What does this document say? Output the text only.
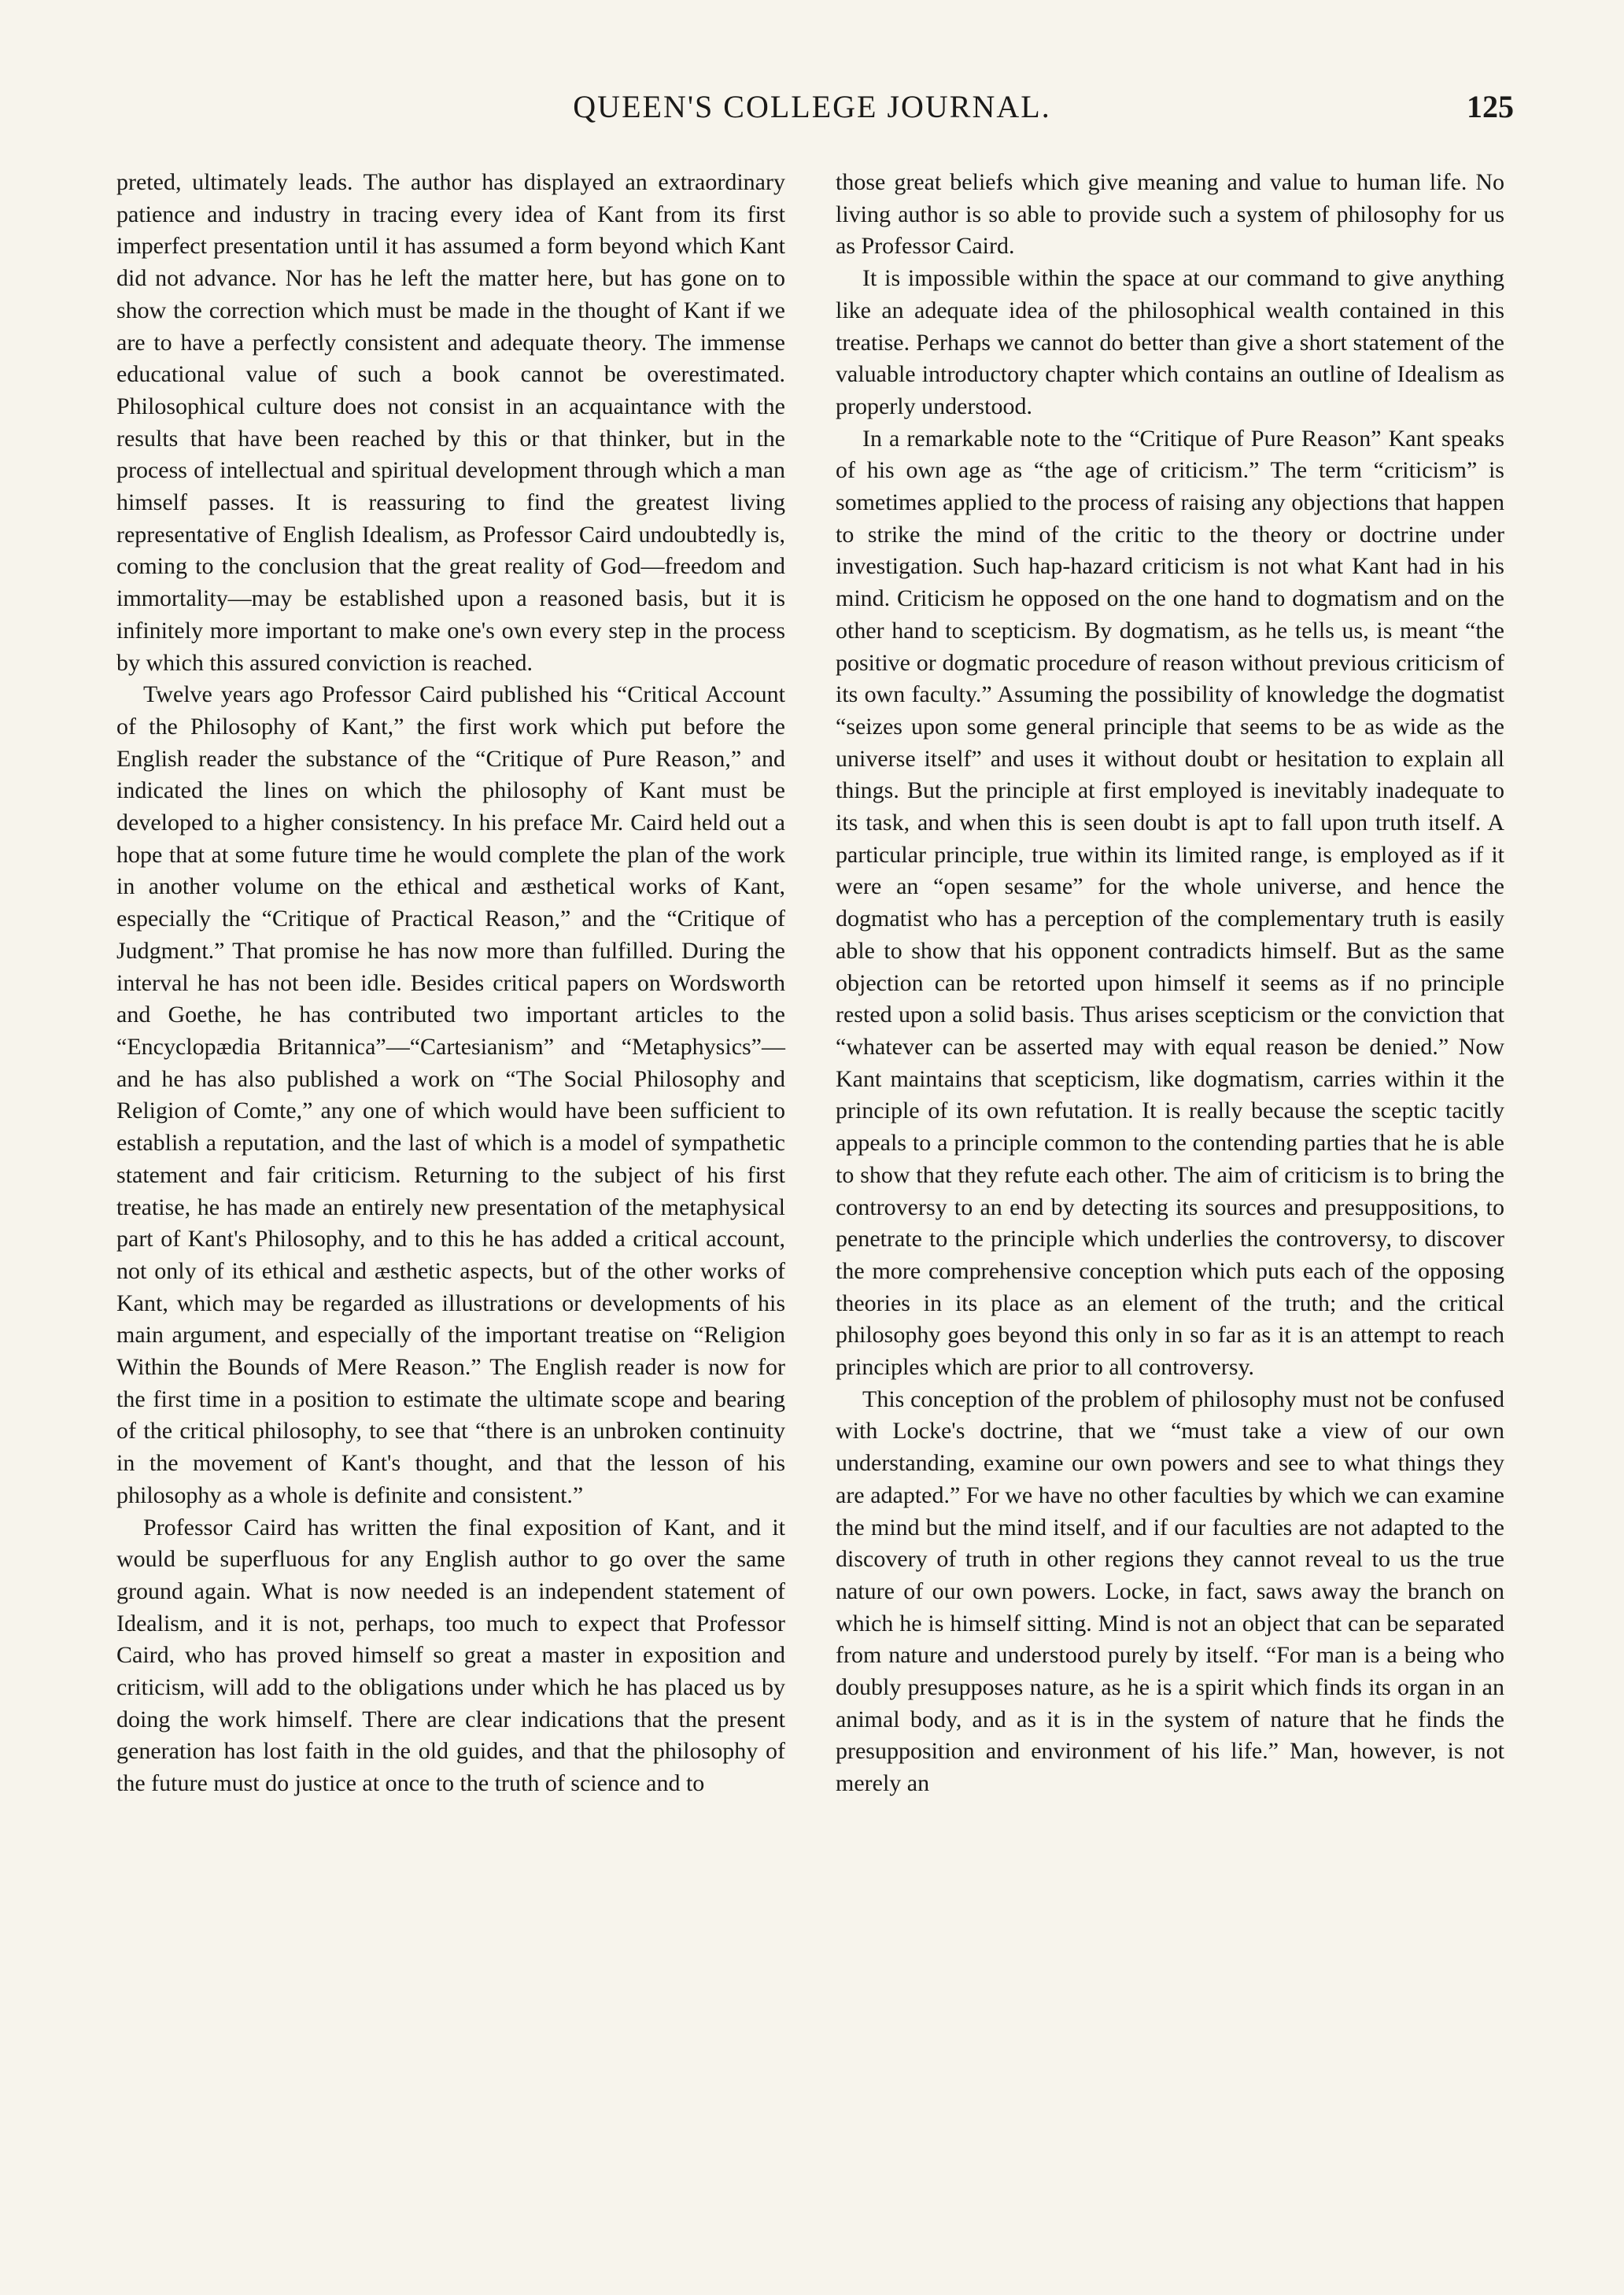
QUEEN'S COLLEGE JOURNAL.	125

preted, ultimately leads. The author has displayed an extraordinary patience and industry in tracing every idea of Kant from its first imperfect presentation until it has assumed a form beyond which Kant did not advance. Nor has he left the matter here, but has gone on to show the correction which must be made in the thought of Kant if we are to have a perfectly consistent and adequate theory. The immense educational value of such a book cannot be overestimated. Philosophical culture does not consist in an acquaintance with the results that have been reached by this or that thinker, but in the process of intellectual and spiritual development through which a man himself passes. It is reassuring to find the greatest living representative of English Idealism, as Professor Caird undoubtedly is, coming to the conclusion that the great reality of God—freedom and immortality—may be established upon a reasoned basis, but it is infinitely more important to make one's own every step in the process by which this assured conviction is reached.

Twelve years ago Professor Caird published his “Critical Account of the Philosophy of Kant,” the first work which put before the English reader the substance of the “Critique of Pure Reason,” and indicated the lines on which the philosophy of Kant must be developed to a higher consistency. In his preface Mr. Caird held out a hope that at some future time he would complete the plan of the work in another volume on the ethical and æsthetical works of Kant, especially the “Critique of Practical Reason,” and the “Critique of Judgment.” That promise he has now more than fulfilled. During the interval he has not been idle. Besides critical papers on Wordsworth and Goethe, he has contributed two important articles to the “Encyclopædia Britannica”—“Cartesianism” and “Metaphysics”—and he has also published a work on “The Social Philosophy and Religion of Comte,” any one of which would have been sufficient to establish a reputation, and the last of which is a model of sympathetic statement and fair criticism. Returning to the subject of his first treatise, he has made an entirely new presentation of the metaphysical part of Kant's Philosophy, and to this he has added a critical account, not only of its ethical and æsthetic aspects, but of the other works of Kant, which may be regarded as illustrations or developments of his main argument, and especially of the important treatise on “Religion Within the Bounds of Mere Reason.” The English reader is now for the first time in a position to estimate the ultimate scope and bearing of the critical philosophy, to see that “there is an unbroken continuity in the movement of Kant's thought, and that the lesson of his philosophy as a whole is definite and consistent.”

Professor Caird has written the final exposition of Kant, and it would be superfluous for any English author to go over the same ground again. What is now needed is an independent statement of Idealism, and it is not, perhaps, too much to expect that Professor Caird, who has proved himself so great a master in exposition and criticism, will add to the obligations under which he has placed us by doing the work himself. There are clear indications that the present generation has lost faith in the old guides, and that the philosophy of the future must do justice at once to the truth of science and to

those great beliefs which give meaning and value to human life. No living author is so able to provide such a system of philosophy for us as Professor Caird.

It is impossible within the space at our command to give anything like an adequate idea of the philosophical wealth contained in this treatise. Perhaps we cannot do better than give a short statement of the valuable introductory chapter which contains an outline of Idealism as properly understood.

In a remarkable note to the “Critique of Pure Reason” Kant speaks of his own age as “the age of criticism.” The term “criticism” is sometimes applied to the process of raising any objections that happen to strike the mind of the critic to the theory or doctrine under investigation. Such hap-hazard criticism is not what Kant had in his mind. Criticism he opposed on the one hand to dogmatism and on the other hand to scepticism. By dogmatism, as he tells us, is meant “the positive or dogmatic procedure of reason without previous criticism of its own faculty.” Assuming the possibility of knowledge the dogmatist “seizes upon some general principle that seems to be as wide as the universe itself” and uses it without doubt or hesitation to explain all things. But the principle at first employed is inevitably inadequate to its task, and when this is seen doubt is apt to fall upon truth itself. A particular principle, true within its limited range, is employed as if it were an “open sesame” for the whole universe, and hence the dogmatist who has a perception of the complementary truth is easily able to show that his opponent contradicts himself. But as the same objection can be retorted upon himself it seems as if no principle rested upon a solid basis. Thus arises scepticism or the conviction that “whatever can be asserted may with equal reason be denied.” Now Kant maintains that scepticism, like dogmatism, carries within it the principle of its own refutation. It is really because the sceptic tacitly appeals to a principle common to the contending parties that he is able to show that they refute each other. The aim of criticism is to bring the controversy to an end by detecting its sources and presuppositions, to penetrate to the principle which underlies the controversy, to discover the more comprehensive conception which puts each of the opposing theories in its place as an element of the truth; and the critical philosophy goes beyond this only in so far as it is an attempt to reach principles which are prior to all controversy.

This conception of the problem of philosophy must not be confused with Locke's doctrine, that we “must take a view of our own understanding, examine our own powers and see to what things they are adapted.” For we have no other faculties by which we can examine the mind but the mind itself, and if our faculties are not adapted to the discovery of truth in other regions they cannot reveal to us the true nature of our own powers. Locke, in fact, saws away the branch on which he is himself sitting. Mind is not an object that can be separated from nature and understood purely by itself. “For man is a being who doubly presupposes nature, as he is a spirit which finds its organ in an animal body, and as it is in the system of nature that he finds the presupposition and environment of his life.” Man, however, is not merely an
